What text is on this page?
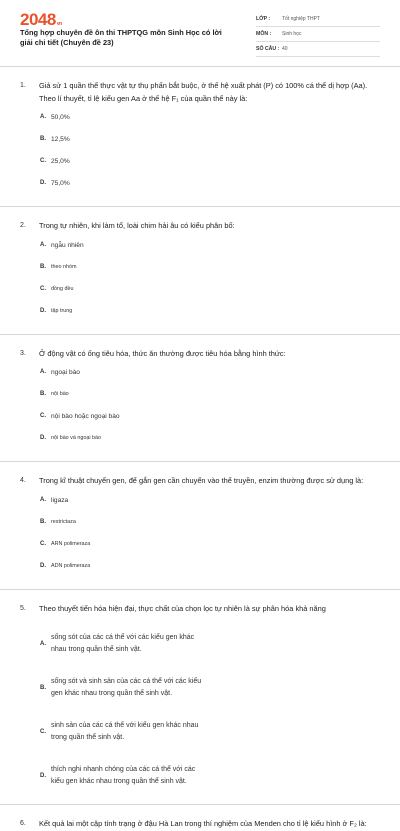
2048vn
Tổng hợp chuyên đề ôn thi THPTQG môn Sinh Học có lời giải chi tiết (Chuyên đề 23)
LỚP :	Tốt nghiệp THPT
MÔN :	Sinh học
SỐ CÂU : 40
1. Giả sử 1 quần thể thực vật tự thụ phấn bắt buộc, ở thế hệ xuất phát (P) có 100% cá thể dị hợp (Aa). Theo lí thuyết, tỉ lệ kiểu gen Aa ở thế hệ F₁ của quần thể này là:
A. 50,0%
B. 12,5%
C. 25,0%
D. 75,0%
2. Trong tự nhiên, khi làm tổ, loài chim hải âu có kiểu phân bố:
A. ngẫu nhiên
B. theo nhóm
C. đồng đều
D. tập trung
3. Ở động vật có ống tiêu hóa, thức ăn thường được tiêu hóa bằng hình thức:
A. ngoại bào
B. nội bào
C. nội bào hoặc ngoại bào
D. nội bào và ngoại bào
4. Trong kĩ thuật chuyển gen, để gắn gen cần chuyển vào thể truyền, enzim thường được sử dụng là:
A. ligaza
B. restrictaza
C. ARN polimeraza
D. ADN polimeraza
5. Theo thuyết tiến hóa hiện đại, thực chất của chọn lọc tự nhiên là sự phân hóa khả năng
A.
sống sót của các cá thể với các kiểu gen khác nhau trong quần thể sinh vật.
B.
sống sót và sinh sản của các cá thể với các kiểu gen khác nhau trong quần thể sinh vật.
C.
sinh sản của các cá thể với kiểu gen khác nhau trong quần thể sinh vật.
D.
thích nghi nhanh chóng của các cá thể với các kiểu gen khác nhau trong quần thể sinh vật.
6. Kết quả lai một cặp tính trạng ở đậu Hà Lan trong thí nghiệm của Menden cho tỉ lệ kiểu hình ở F₂ là:
